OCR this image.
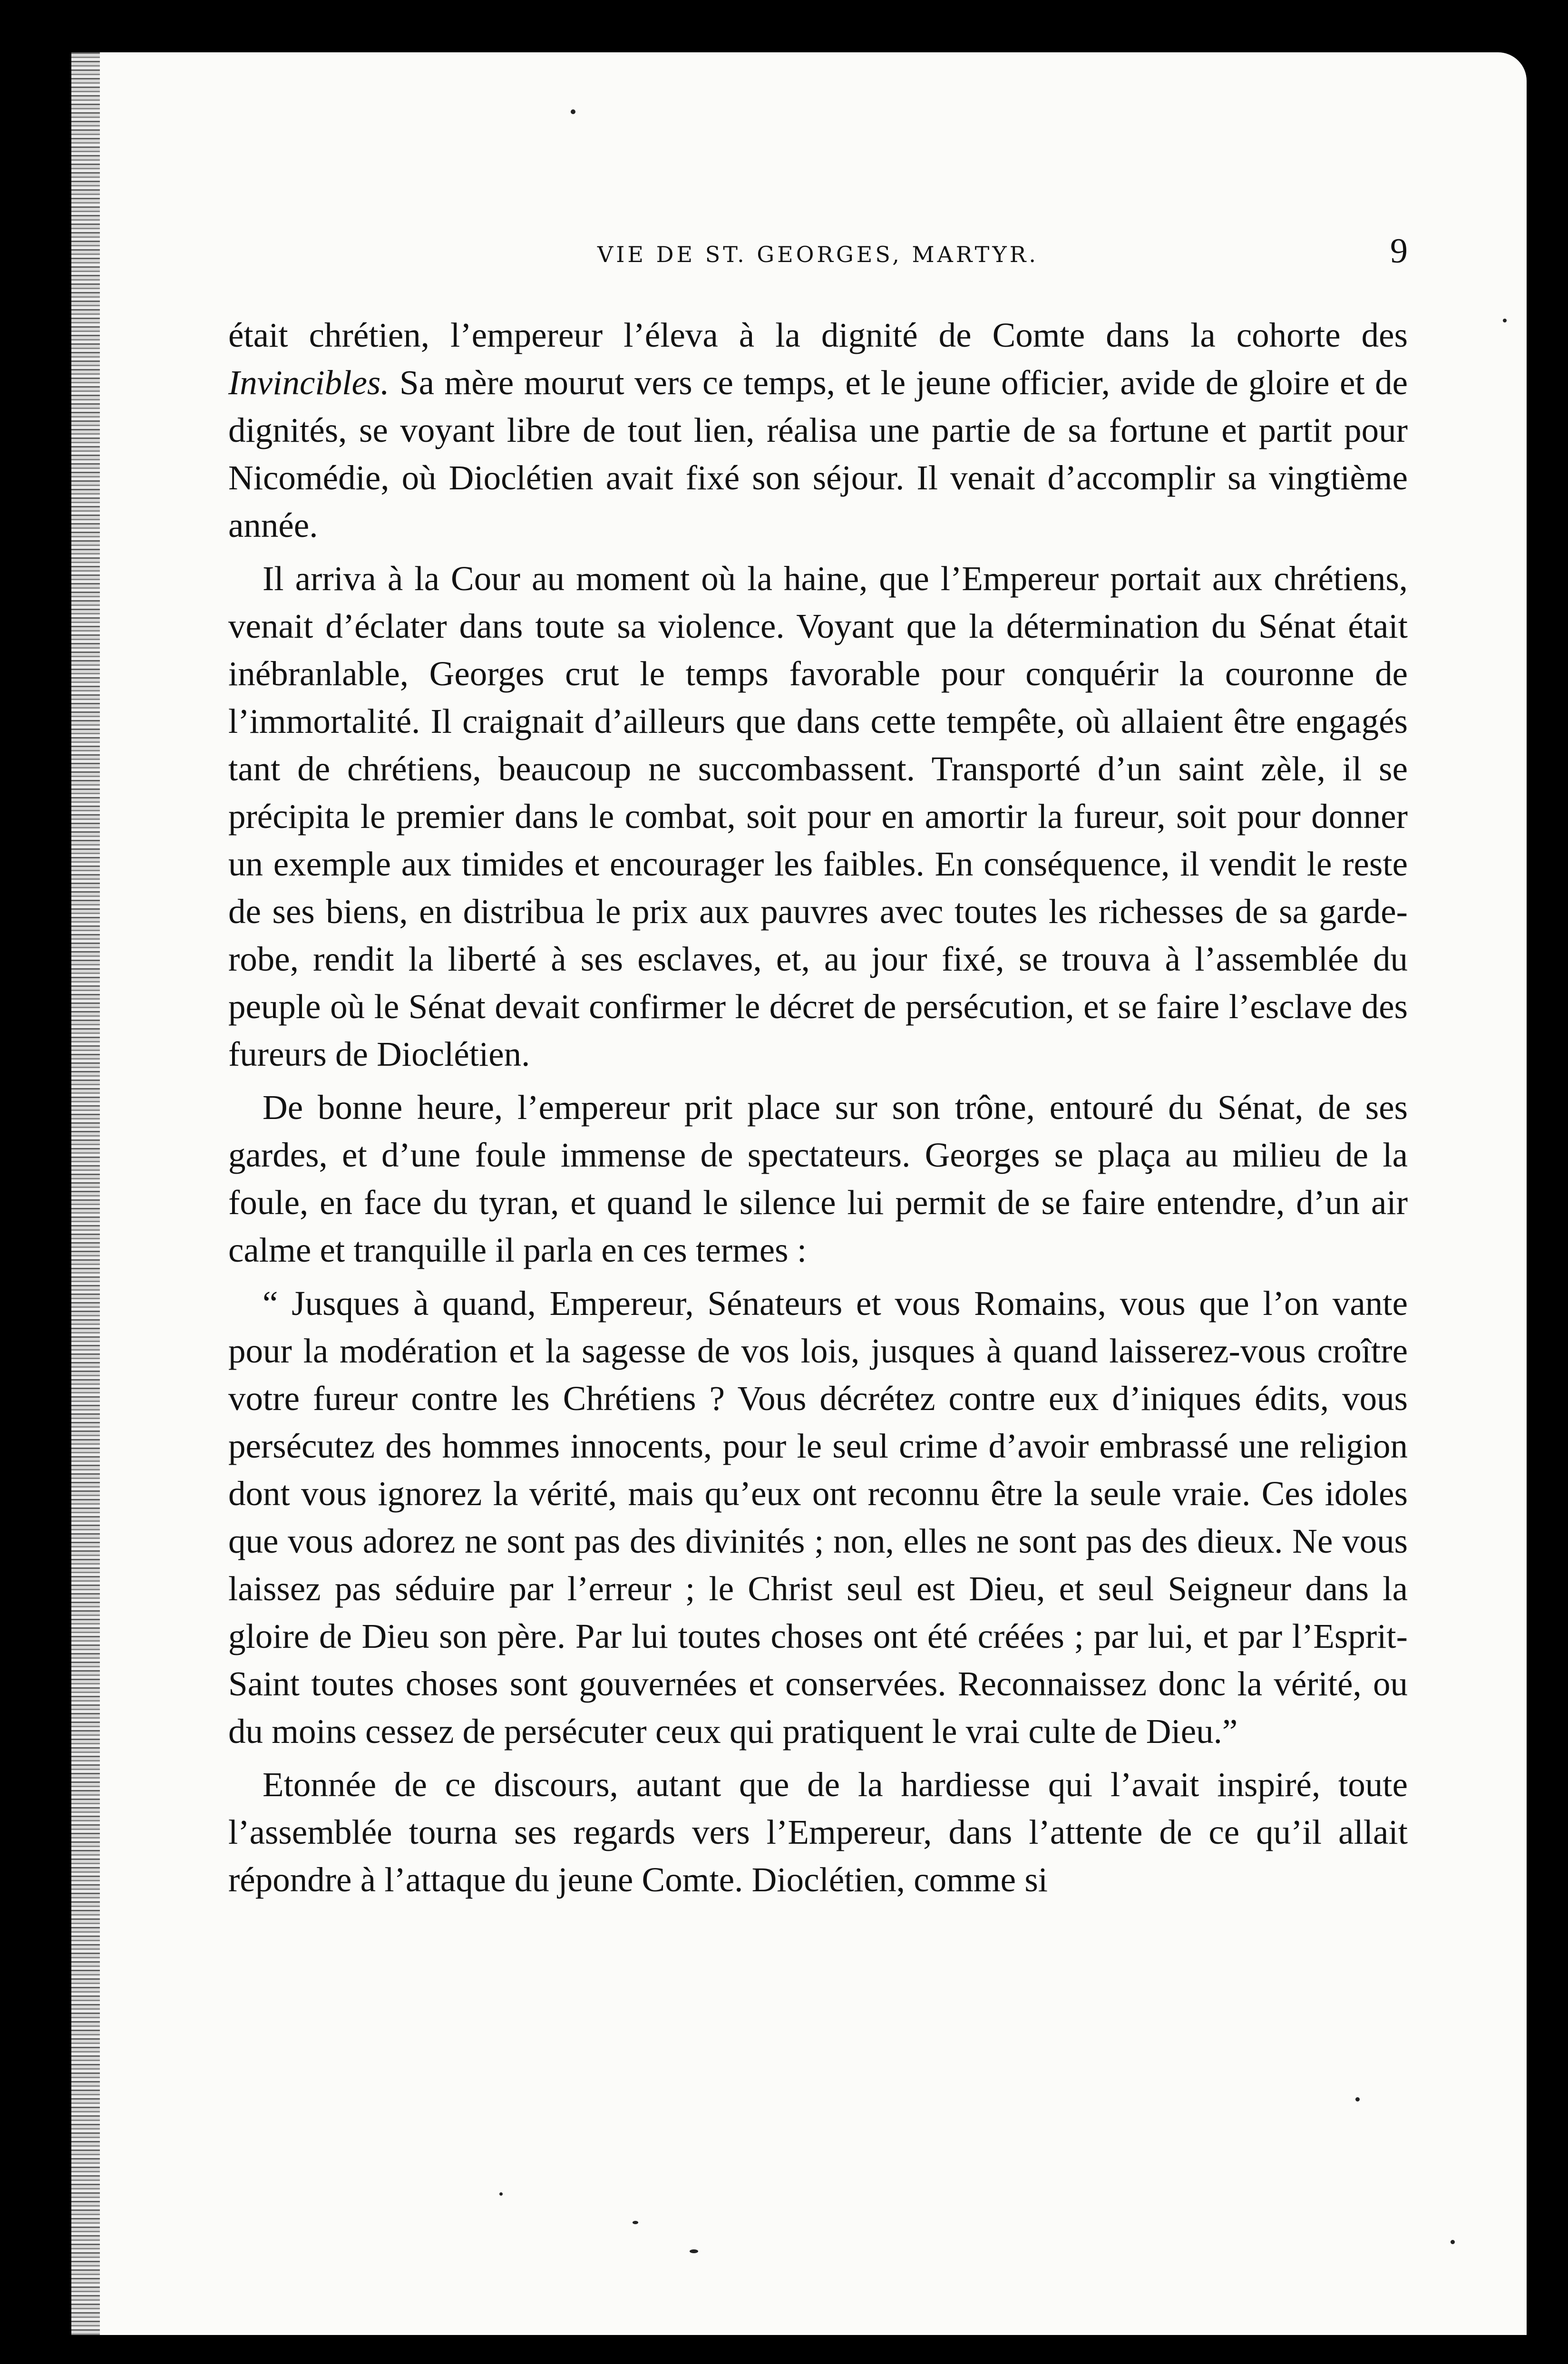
VIE DE ST. GEORGES, MARTYR.	9

était chrétien, l’empereur l’éleva à la dignité de Comte dans la cohorte des Invincibles. Sa mère mourut vers ce temps, et le jeune officier, avide de gloire et de dignités, se voyant libre de tout lien, réalisa une partie de sa fortune et partit pour Nicomédie, où Dioclétien avait fixé son séjour. Il venait d’accomplir sa vingtième année.

Il arriva à la Cour au moment où la haine, que l’Empereur portait aux chrétiens, venait d’éclater dans toute sa violence. Voyant que la détermination du Sénat était inébranlable, Georges crut le temps favorable pour conquérir la couronne de l’immortalité. Il craignait d’ailleurs que dans cette tempête, où allaient être engagés tant de chrétiens, beaucoup ne succombassent. Transporté d’un saint zèle, il se précipita le premier dans le combat, soit pour en amortir la fureur, soit pour donner un exemple aux timides et encourager les faibles. En conséquence, il vendit le reste de ses biens, en distribua le prix aux pauvres avec toutes les richesses de sa garde-robe, rendit la liberté à ses esclaves, et, au jour fixé, se trouva à l’assemblée du peuple où le Sénat devait confirmer le décret de persécution, et se faire l’esclave des fureurs de Dioclétien.

De bonne heure, l’empereur prit place sur son trône, entouré du Sénat, de ses gardes, et d’une foule immense de spectateurs. Georges se plaça au milieu de la foule, en face du tyran, et quand le silence lui permit de se faire entendre, d’un air calme et tranquille il parla en ces termes :

“ Jusques à quand, Empereur, Sénateurs et vous Romains, vous que l’on vante pour la modération et la sagesse de vos lois, jusques à quand laisserez-vous croître votre fureur contre les Chrétiens ? Vous décrétez contre eux d’iniques édits, vous persécutez des hommes innocents, pour le seul crime d’avoir embrassé une religion dont vous ignorez la vérité, mais qu’eux ont reconnu être la seule vraie. Ces idoles que vous adorez ne sont pas des divinités ; non, elles ne sont pas des dieux. Ne vous laissez pas séduire par l’erreur ; le Christ seul est Dieu, et seul Seigneur dans la gloire de Dieu son père. Par lui toutes choses ont été créées ; par lui, et par l’Esprit-Saint toutes choses sont gouvernées et conservées. Reconnaissez donc la vérité, ou du moins cessez de persécuter ceux qui pratiquent le vrai culte de Dieu.”

Etonnée de ce discours, autant que de la hardiesse qui l’avait inspiré, toute l’assemblée tourna ses regards vers l’Empereur, dans l’attente de ce qu’il allait répondre à l’attaque du jeune Comte. Dioclétien, comme si
